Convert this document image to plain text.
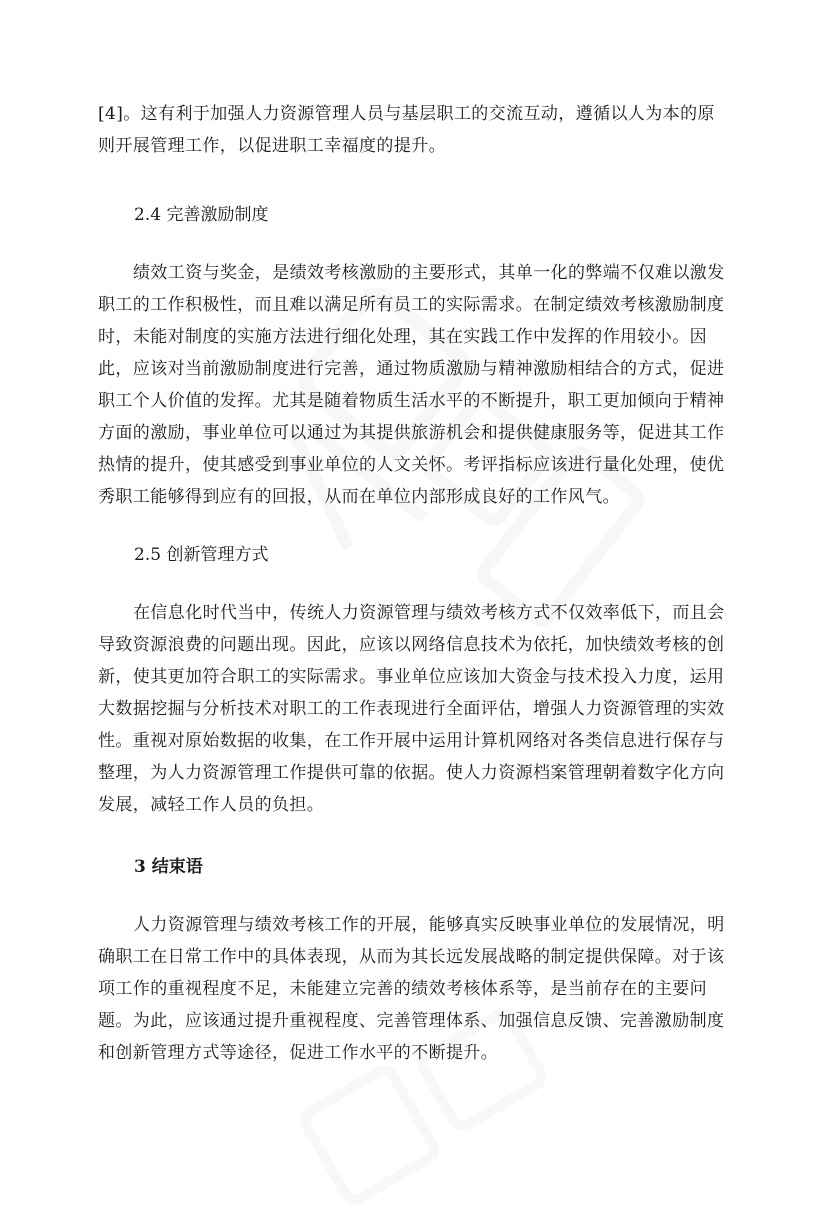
[4]。这有利于加强人力资源管理人员与基层职工的交流互动，遵循以人为本的原则开展管理工作，以促进职工幸福度的提升。

2.4 完善激励制度

绩效工资与奖金，是绩效考核激励的主要形式，其单一化的弊端不仅难以激发职工的工作积极性，而且难以满足所有员工的实际需求。在制定绩效考核激励制度时，未能对制度的实施方法进行细化处理，其在实践工作中发挥的作用较小。因此，应该对当前激励制度进行完善，通过物质激励与精神激励相结合的方式，促进职工个人价值的发挥。尤其是随着物质生活水平的不断提升，职工更加倾向于精神方面的激励，事业单位可以通过为其提供旅游机会和提供健康服务等，促进其工作热情的提升，使其感受到事业单位的人文关怀。考评指标应该进行量化处理，使优秀职工能够得到应有的回报，从而在单位内部形成良好的工作风气。

2.5 创新管理方式

在信息化时代当中，传统人力资源管理与绩效考核方式不仅效率低下，而且会导致资源浪费的问题出现。因此，应该以网络信息技术为依托，加快绩效考核的创新，使其更加符合职工的实际需求。事业单位应该加大资金与技术投入力度，运用大数据挖掘与分析技术对职工的工作表现进行全面评估，增强人力资源管理的实效性。重视对原始数据的收集，在工作开展中运用计算机网络对各类信息进行保存与整理，为人力资源管理工作提供可靠的依据。使人力资源档案管理朝着数字化方向发展，减轻工作人员的负担。

3 结束语

人力资源管理与绩效考核工作的开展，能够真实反映事业单位的发展情况，明确职工在日常工作中的具体表现，从而为其长远发展战略的制定提供保障。对于该项工作的重视程度不足，未能建立完善的绩效考核体系等，是当前存在的主要问题。为此，应该通过提升重视程度、完善管理体系、加强信息反馈、完善激励制度和创新管理方式等途径，促进工作水平的不断提升。
